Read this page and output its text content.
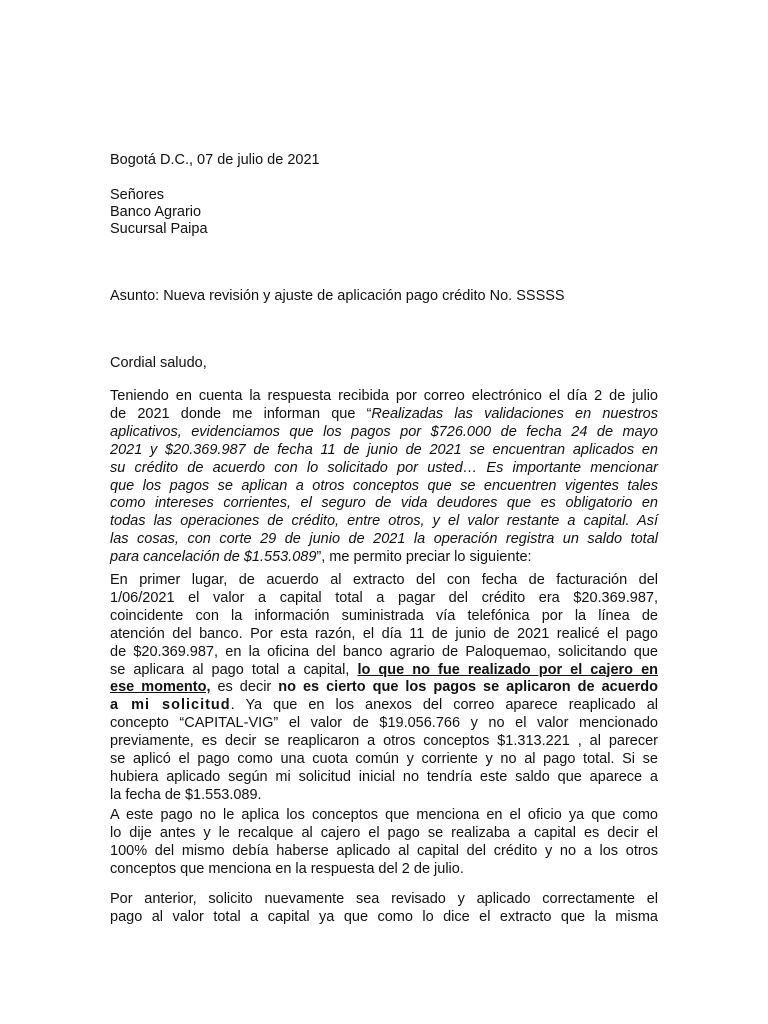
Bogotá D.C., 07 de julio de 2021
Señores
Banco Agrario
Sucursal Paipa
Asunto: Nueva revisión y ajuste de aplicación pago crédito No. SSSSS
Cordial saludo,
Teniendo en cuenta la respuesta recibida por correo electrónico el día 2 de julio
de 2021 donde me informan que “Realizadas las validaciones en nuestros
aplicativos, evidenciamos que los pagos por $726.000 de fecha 24 de mayo
2021 y $20.369.987 de fecha 11 de junio de 2021 se encuentran aplicados en
su crédito de acuerdo con lo solicitado por usted… Es importante mencionar
que los pagos se aplican a otros conceptos que se encuentren vigentes tales
como intereses corrientes, el seguro de vida deudores que es obligatorio en
todas las operaciones de crédito, entre otros, y el valor restante a capital. Así
las cosas, con corte 29 de junio de 2021 la operación registra un saldo total
para cancelación de $1.553.089”, me permito preciar lo siguiente:
En primer lugar, de acuerdo al extracto del con fecha de facturación del
1/06/2021 el valor a capital total a pagar del crédito era $20.369.987,
coincidente con la información suministrada vía telefónica por la línea de
atención del banco. Por esta razón, el día 11 de junio de 2021 realicé el pago
de $20.369.987, en la oficina del banco agrario de Paloquemao, solicitando que
se aplicara al pago total a capital, lo que no fue realizado por el cajero en
ese momento, es decir no es cierto que los pagos se aplicaron de acuerdo
a mi solicitud. Ya que en los anexos del correo aparece reaplicado al
concepto “CAPITAL-VIG” el valor de $19.056.766 y no el valor mencionado
previamente, es decir se reaplicaron a otros conceptos $1.313.221 , al parecer
se aplicó el pago como una cuota común y corriente y no al pago total. Si se
hubiera aplicado según mi solicitud inicial no tendría este saldo que aparece a
la fecha de $1.553.089.
A este pago no le aplica los conceptos que menciona en el oficio ya que como
lo dije antes y le recalque al cajero el pago se realizaba a capital es decir el
100% del mismo debía haberse aplicado al capital del crédito y no a los otros
conceptos que menciona en la respuesta del 2 de julio.
Por anterior, solicito nuevamente sea revisado y aplicado correctamente el
pago al valor total a capital ya que como lo dice el extracto que la misma
